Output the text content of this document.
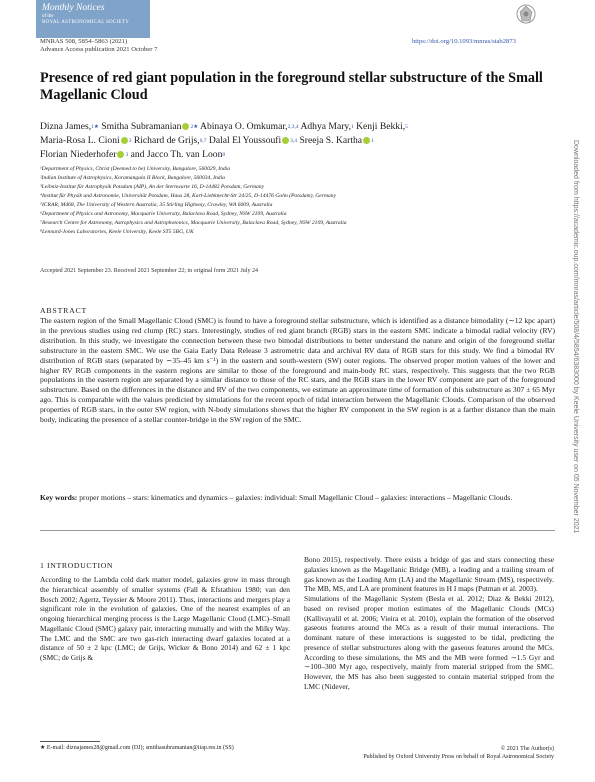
Monthly Notices
of the
ROYAL ASTRONOMICAL SOCIETY
MNRAS 508, 5854–5863 (2021)
Advance Access publication 2021 October 7
https://doi.org/10.1093/mnras/stab2873
Presence of red giant population in the foreground stellar substructure of the Small Magellanic Cloud
Dizna James,$^{1★}$ Smitha Subramanian $^{2★}$ Abinaya O. Omkumar,$^{2,3,4}$ Adhya Mary,$^1$ Kenji Bekki,$^5$
Maria-Rosa L. Cioni $^3$ Richard de Grijs,$^{6,7}$ Dalal El Youssoufi $^{3,4}$ Sreeja S. Kartha $^1$
Florian Niederhofer $^3$ and Jacco Th. van Loon$^8$
¹Department of Physics, Christ (Deemed to be) University, Bangalore, 560029, India
²Indian Institute of Astrophysics, Koramangala II Block, Bangalore, 560034, India
³Leibniz-Institut für Astrophysik Potsdam (AIP), An der Sternwarte 16, D-14482 Potsdam, Germany
⁴Institut für Physik und Astronomie, Universität Potsdam, Haus 28, Karl-Liebknecht-Str 24/25, D-14476 Golm (Potsdam), Germany
⁵ICRAR, M468, The University of Western Australia, 35 Stirling Highway, Crawley, WA 6009, Australia
⁶Department of Physics and Astronomy, Macquarie University, Balaclava Road, Sydney, NSW 2109, Australia
⁷Research Centre for Astronomy, Astrophysics and Astrophotonics, Macquarie University, Balaclava Road, Sydney, NSW 2109, Australia
⁸Lennard-Jones Laboratories, Keele University, Keele ST5 5BG, UK
Accepted 2021 September 23. Received 2021 September 22; in original form 2021 July 24
ABSTRACT
The eastern region of the Small Magellanic Cloud (SMC) is found to have a foreground stellar substructure, which is identified as a distance bimodality (∼12 kpc apart) in the previous studies using red clump (RC) stars. Interestingly, studies of red giant branch (RGB) stars in the eastern SMC indicate a bimodal radial velocity (RV) distribution. In this study, we investigate the connection between these two bimodal distributions to better understand the nature and origin of the foreground stellar substructure in the eastern SMC. We use the Gaia Early Data Release 3 astrometric data and archival RV data of RGB stars for this study. We find a bimodal RV distribution of RGB stars (separated by ∼35–45 km s⁻¹) in the eastern and south-western (SW) outer regions. The observed proper motion values of the lower and higher RV RGB components in the eastern regions are similar to those of the foreground and main-body RC stars, respectively. This suggests that the two RGB populations in the eastern region are separated by a similar distance to those of the RC stars, and the RGB stars in the lower RV component are part of the foreground substructure. Based on the differences in the distance and RV of the two components, we estimate an approximate time of formation of this substructure as 307 ± 65 Myr ago. This is comparable with the values predicted by simulations for the recent epoch of tidal interaction between the Magellanic Clouds. Comparison of the observed properties of RGB stars, in the outer SW region, with N-body simulations shows that the higher RV component in the SW region is at a farther distance than the main body, indicating the presence of a stellar counter-bridge in the SW region of the SMC.
Key words: proper motions – stars: kinematics and dynamics – galaxies: individual: Small Magellanic Cloud – galaxies: interactions – Magellanic Clouds.
1 INTRODUCTION
According to the Lambda cold dark matter model, galaxies grow in mass through the hierarchical assembly of smaller systems (Fall & Efstathiou 1980; van den Bosch 2002; Agertz, Teyssier & Moore 2011). Thus, interactions and mergers play a significant role in the evolution of galaxies. One of the nearest examples of an ongoing hierarchical merging process is the Large Magellanic Cloud (LMC)–Small Magellanic Cloud (SMC) galaxy pair, interacting mutually and with the Milky Way. The LMC and the SMC are two gas-rich interacting dwarf galaxies located at a distance of 50 ± 2 kpc (LMC; de Grijs, Wicker & Bono 2014) and 62 ± 1 kpc (SMC; de Grijs &
Bono 2015), respectively. There exists a bridge of gas and stars connecting these galaxies known as the Magellanic Bridge (MB), a leading and a trailing stream of gas known as the Leading Arm (LA) and the Magellanic Stream (MS), respectively. The MB, MS, and LA are prominent features in H I maps (Putman et al. 2003).
Simulations of the Magellanic System (Besla et al. 2012; Diaz & Bekki 2012), based on revised proper motion estimates of the Magellanic Clouds (MCs) (Kallivayalil et al. 2006; Vieira et al. 2010), explain the formation of the observed gaseous features around the MCs as a result of their mutual interactions. The dominant nature of these interactions is suggested to be tidal, predicting the presence of stellar substructures along with the gaseous features around the MCs. According to these simulations, the MS and the MB were formed ∼1.5 Gyr and ∼100–300 Myr ago, respectively, mainly from material stripped from the SMC. However, the MS has also been suggested to contain material stripped from the LMC (Nidever,
★ E-mail: diznajames28@gmail.com (DJ); smithasubramanian@iiap.res.in (SS)	© 2021 The Author(s)
Published by Oxford University Press on behalf of Royal Astronomical Society
Downloaded from https://academic.oup.com/mnras/article/508/4/5854/6383000 by Keele University user on 05 November 2021
